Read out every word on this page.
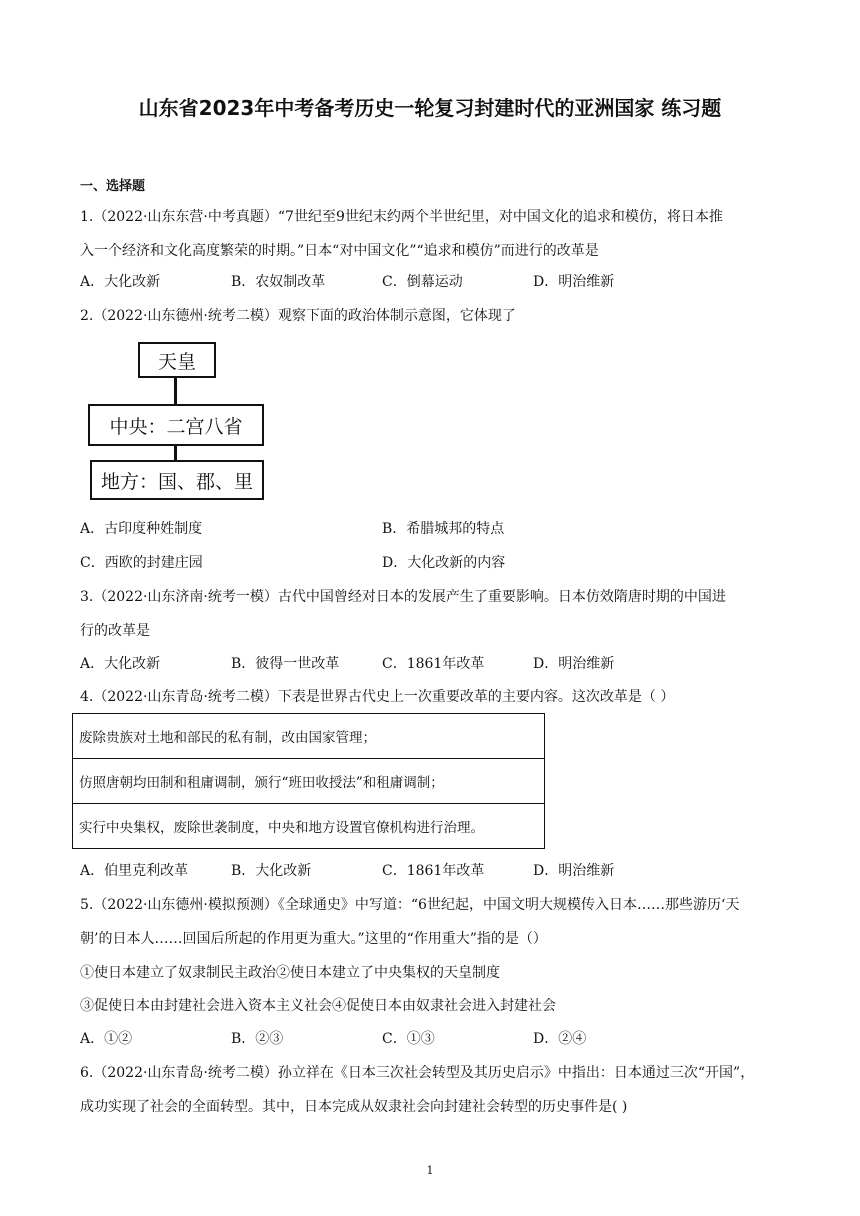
山东省2023年中考备考历史一轮复习封建时代的亚洲国家 练习题
一、选择题
1.（2022·山东东营·中考真题）“7世纪至9世纪末约两个半世纪里，对中国文化的追求和模仿，将日本推
入一个经济和文化高度繁荣的时期。”日本“对中国文化”“追求和模仿”而进行的改革是
A．大化改新	B．农奴制改革	C．倒幕运动	D．明治维新
2.（2022·山东德州·统考二模）观察下面的政治体制示意图，它体现了
天皇
中央：二宫八省
地方：国、郡、里
A．古印度种姓制度	B．希腊城邦的特点
C．西欧的封建庄园	D．大化改新的内容
3.（2022·山东济南·统考一模）古代中国曾经对日本的发展产生了重要影响。日本仿效隋唐时期的中国进
行的改革是
A．大化改新	B．彼得一世改革	C．1861年改革	D．明治维新
4.（2022·山东青岛·统考二模）下表是世界古代史上一次重要改革的主要内容。这次改革是（ ）
废除贵族对土地和部民的私有制，改由国家管理；
仿照唐朝均田制和租庸调制，颁行“班田收授法”和租庸调制；
实行中央集权，废除世袭制度，中央和地方设置官僚机构进行治理。
A．伯里克利改革	B．大化改新	C．1861年改革	D．明治维新
5.（2022·山东德州·模拟预测）《全球通史》中写道：“6世纪起，中国文明大规模传入日本……那些游历‘天
朝’的日本人……回国后所起的作用更为重大。”这里的“作用重大”指的是（）
①使日本建立了奴隶制民主政治②使日本建立了中央集权的天皇制度
③促使日本由封建社会进入资本主义社会④促使日本由奴隶社会进入封建社会
A．①②	B．②③	C．①③	D．②④
6.（2022·山东青岛·统考二模）孙立祥在《日本三次社会转型及其历史启示》中指出：日本通过三次“开国”，
成功实现了社会的全面转型。其中，日本完成从奴隶社会向封建社会转型的历史事件是( )
1
